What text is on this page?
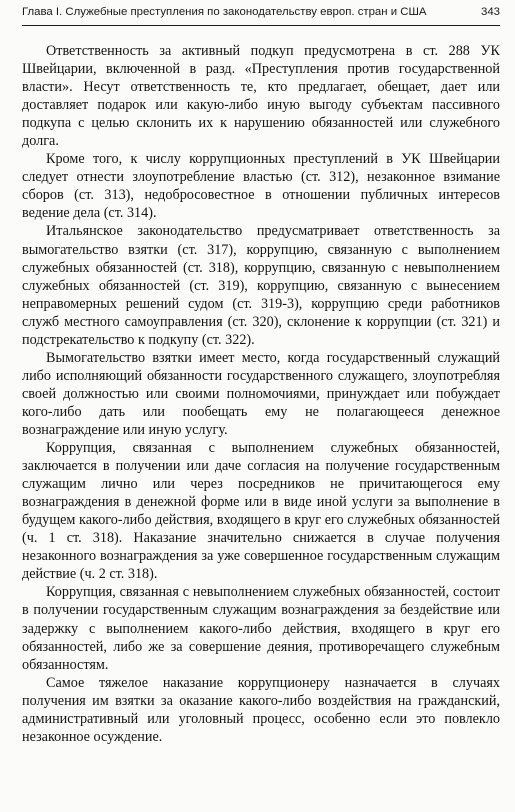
Глава I. Служебные преступления по законодательству европ. стран и США	343

Ответственность за активный подкуп предусмотрена в ст. 288 УК Швейцарии, включенной в разд. «Преступления против государственной власти». Несут ответственность те, кто предлагает, обещает, дает или доставляет подарок или какую-либо иную выгоду субъектам пассивного подкупа с целью склонить их к нарушению обязанностей или служебного долга.

Кроме того, к числу коррупционных преступлений в УК Швейцарии следует отнести злоупотребление властью (ст. 312), незаконное взимание сборов (ст. 313), недобросовестное в отношении публичных интересов ведение дела (ст. 314).

Итальянское законодательство предусматривает ответственность за вымогательство взятки (ст. 317), коррупцию, связанную с выполнением служебных обязанностей (ст. 318), коррупцию, связанную с невыполнением служебных обязанностей (ст. 319), коррупцию, связанную с вынесением неправомерных решений судом (ст. 319-3), коррупцию среди работников служб местного самоуправления (ст. 320), склонение к коррупции (ст. 321) и подстрекательство к подкупу (ст. 322).

Вымогательство взятки имеет место, когда государственный служащий либо исполняющий обязанности государственного служащего, злоупотребляя своей должностью или своими полномочиями, принуждает или побуждает кого-либо дать или пообещать ему не полагающееся денежное вознаграждение или иную услугу.

Коррупция, связанная с выполнением служебных обязанностей, заключается в получении или даче согласия на получение государственным служащим лично или через посредников не причитающегося ему вознаграждения в денежной форме или в виде иной услуги за выполнение в будущем какого-либо действия, входящего в круг его служебных обязанностей (ч. 1 ст. 318). Наказание значительно снижается в случае получения незаконного вознаграждения за уже совершенное государственным служащим действие (ч. 2 ст. 318).

Коррупция, связанная с невыполнением служебных обязанностей, состоит в получении государственным служащим вознаграждения за бездействие или задержку с выполнением какого-либо действия, входящего в круг его обязанностей, либо же за совершение деяния, противоречащего служебным обязанностям.

Самое тяжелое наказание коррупционеру назначается в случаях получения им взятки за оказание какого-либо воздействия на гражданский, административный или уголовный процесс, особенно если это повлекло незаконное осуждение.
